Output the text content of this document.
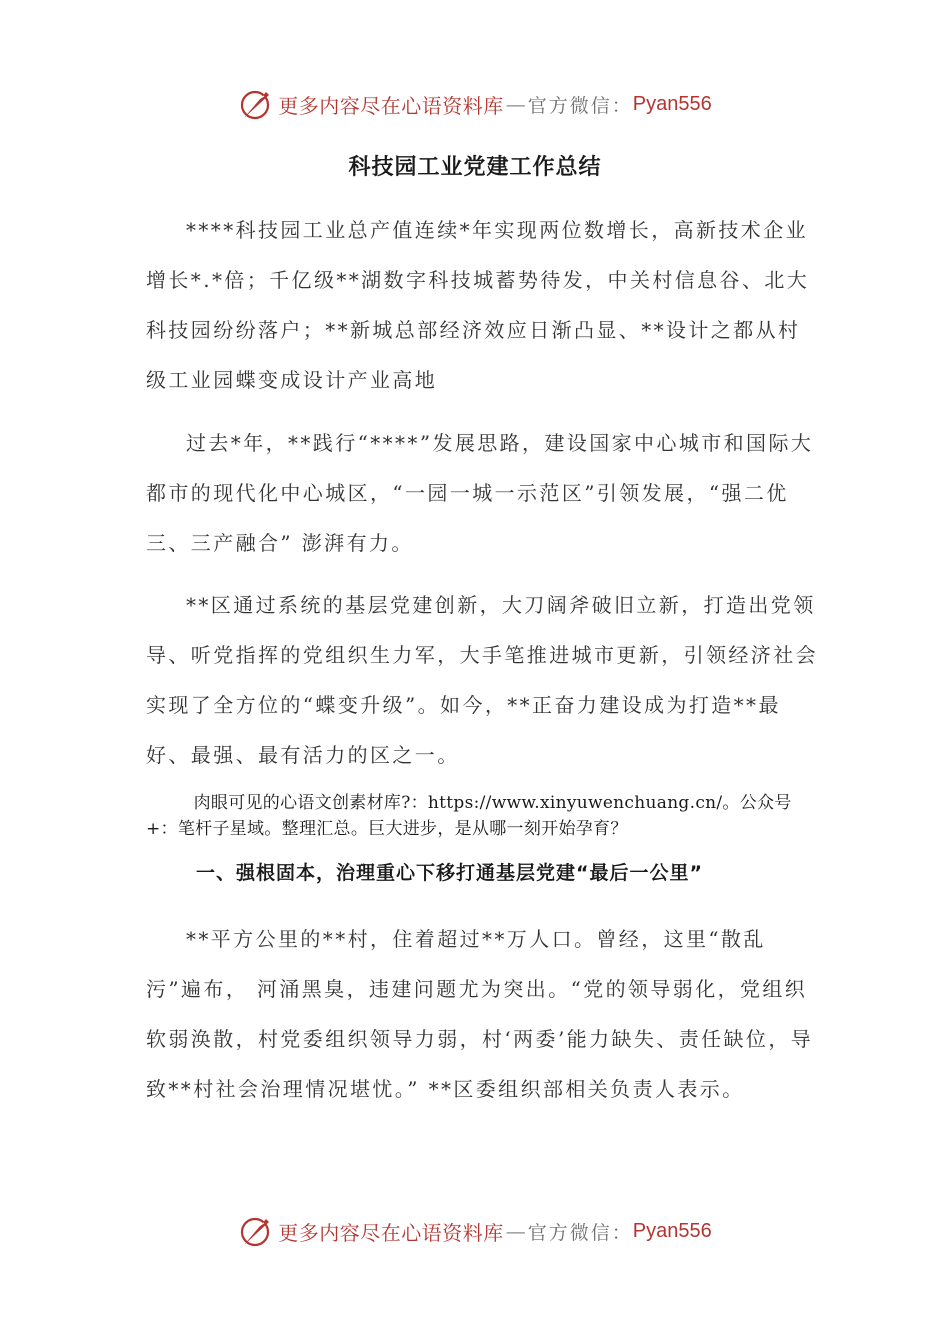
更多内容尽在心语资料库 — 官方微信： Pyan556
科技园工业党建工作总结

****科技园工业总产值连续*年实现两位数增长，高新技术企业增长*.*倍；千亿级**湖数字科技城蓄势待发，中关村信息谷、北大科技园纷纷落户；**新城总部经济效应日渐凸显、**设计之都从村级工业园蝶变成设计产业高地

过去*年，**践行“****”发展思路，建设国家中心城市和国际大都市的现代化中心城区，“一园一城一示范区”引领发展，“强二优三、三产融合” 澎湃有力。

**区通过系统的基层党建创新，大刀阔斧破旧立新，打造出党领导、听党指挥的党组织生力军，大手笔推进城市更新，引领经济社会实现了全方位的“蝶变升级”。如今，**正奋力建设成为打造**最好、最强、最有活力的区之一。

肉眼可见的心语文创素材库?：https://www.xinyuwenchuang.cn/。公众号+：笔杆子星域。整理汇总。巨大进步，是从哪一刻开始孕育？

一、强根固本，治理重心下移打通基层党建“最后一公里”

**平方公里的**村，住着超过**万人口。曾经，这里“散乱污”遍布， 河涌黑臭，违建问题尤为突出。“党的领导弱化，党组织软弱涣散，村党委组织领导力弱，村‘两委’能力缺失、责任缺位，导致**村社会治理情况堪忧。” **区委组织部相关负责人表示。

更多内容尽在心语资料库 — 官方微信： Pyan556
